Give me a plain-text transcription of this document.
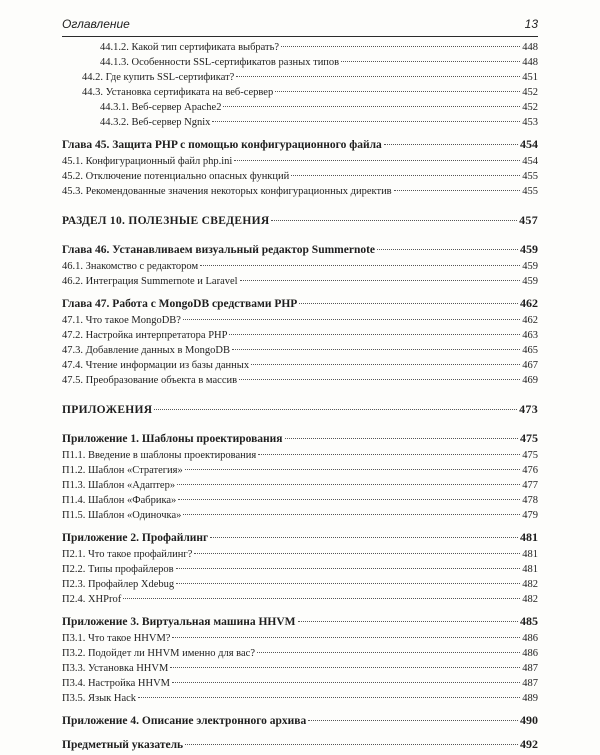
Оглавление	13
44.1.2. Какой тип сертификата выбрать?	448
44.1.3. Особенности SSL-сертификатов разных типов	448
44.2. Где купить SSL-сертификат?	451
44.3. Установка сертификата на веб-сервер	452
44.3.1. Веб-сервер Apache2	452
44.3.2. Веб-сервер Ngnix	453
Глава 45. Защита PHP с помощью конфигурационного файла	454
45.1. Конфигурационный файл php.ini	454
45.2. Отключение потенциально опасных функций	455
45.3. Рекомендованные значения некоторых конфигурационных директив	455
РАЗДЕЛ 10. ПОЛЕЗНЫЕ СВЕДЕНИЯ	457
Глава 46. Устанавливаем визуальный редактор Summernote	459
46.1. Знакомство с редактором	459
46.2. Интеграция Summernote и Laravel	459
Глава 47. Работа с MongoDB средствами PHP	462
47.1. Что такое MongoDB?	462
47.2. Настройка интерпретатора PHP	463
47.3. Добавление данных в MongoDB	465
47.4. Чтение информации из базы данных	467
47.5. Преобразование объекта в массив	469
ПРИЛОЖЕНИЯ	473
Приложение 1. Шаблоны проектирования	475
П1.1. Введение в шаблоны проектирования	475
П1.2. Шаблон «Стратегия»	476
П1.3. Шаблон «Адаптер»	477
П1.4. Шаблон «Фабрика»	478
П1.5. Шаблон «Одиночка»	479
Приложение 2. Профайлинг	481
П2.1. Что такое профайлинг?	481
П2.2. Типы профайлеров	481
П2.3. Профайлер Xdebug	482
П2.4. XHProf	482
Приложение 3. Виртуальная машина HHVM	485
П3.1. Что такое HHVM?	486
П3.2. Подойдет ли HHVM именно для вас?	486
П3.3. Установка HHVM	487
П3.4. Настройка HHVM	487
П3.5. Язык Hack	489
Приложение 4. Описание электронного архива	490
Предметный указатель	492
